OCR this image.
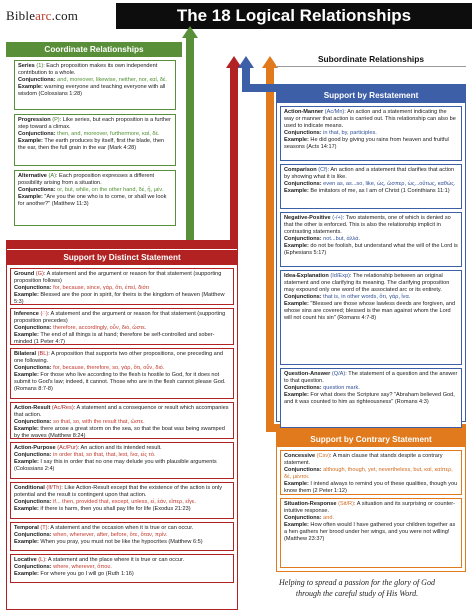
Biblearc.com	The 18 Logical Relationships
Coordinate Relationships

Series (1): Each proposition makes its own independent contribution to a whole.

Conjunctions: and, moreover, likewise, neither, nor, καί, δέ.

Example: warning everyone and teaching everyone with all wisdom (Colossians 1:28)

Progression (P): Like series, but each proposition is a further step toward a climax.

Conjunctions: then, and, moreover, furthermore, καί, δέ.

Example: The earth produces by itself, first the blade, then the ear, then the full grain in the ear (Mark 4:28)

Alternative (A): Each proposition expresses a different possibility arising from a situation.

Conjunctions: or, but, while, on the other hand, δέ, ἤ, μέν.

Example: "Are you the one who is to come, or shall we look for another?" (Matthew 11:3)

Subordinate Relationships
Support by Distinct Statement

Ground (G): A statement and the argument or reason for that statement (supporting proposition follows)

Conjunctions: for, because, since, γάρ, ὅτι, ἐπεί, διότι

Example: Blessed are the poor in spirit, for theirs is the kingdom of heaven (Matthew 5:3)

Inference (∴): A statement and the argument or reason for that statement (supporting proposition precedes)

Conjunctions: therefore, accordingly, οὖν, διό, ὥστε.

Example: The end of all things is at hand; therefore be self-controlled and sober-minded (1 Peter 4:7)

Bilateral (BL): A proposition that supports two other propositions, one preceding and one following.

Conjunctions: for, because, therefore, so, γάρ, ὅτι, οὖν, διό.

Example: For those who live according to the flesh is hostile to God, for it does not submit to God's law; indeed, it cannot. Those who are in the flesh cannot please God. (Romans 8:7-8)

Action-Result (Ac/Res): A statement and a consequence or result which accompanies that action.

Conjunctions: so that, so, with the result that, ὥστε.

Example: there arose a great storm on the sea, so that the boat was being swamped by the waves (Matthew 8:24)

Action-Purpose (Ac/Pur): An action and its intended result.

Conjunctions: in order that, so that, that, lest, ἵνα, εἰς τό.

Example: I say this in order that no one may delude you with plausible arguments (Colossians 2:4)

Conditional (If/Th): Like Action-Result except that the existence of the action is only potential and the result is contingent upon that action.

Conjunctions: if... then, provided that, except, unless, εἰ, ἐάν, εἴπερ, εἴγε.

Example: if there is harm, then you shall pay life for life (Exodus 21:23)

Temporal (T): A statement and the occasion when it is true or can occur.

Conjunctions: when, whenever, after, before, ὅτε, ὅταν, πρίν.

Example: When you pray, you must not be like the hypocrites (Matthew 6:5)

Locative (L): A statement and the place where it is true or can occur.

Conjunctions: where, wherever, ὅπου.

Example: For where you go I will go (Ruth 1:16)

Support by Restatement

Action-Manner (Ac/Mn): An action and a statement indicating the way or manner that action is carried out. This relationship can also be used to indicate means.

Conjunctions: in that, by, participles.

Example: He did good by giving you rains from heaven and fruitful seasons (Acts 14:17)

Comparison (Cf): An action and a statement that clarifies that action by showing what it is like.

Conjunctions: even as, as...so, like, ὡς, ὥσπερ, ὡς...οὕτως, καθώς.

Example: Be imitators of me, as I am of Christ (1 Corinthians 11:1)

Negative-Positive (-/+): Two statements, one of which is denied so that the other is enforced. This is also the relationship implicit in contrasting statements.

Conjunctions: not...but, ἀλλά.

Example: do not be foolish, but understand what the will of the Lord is (Ephesians 5:17)

Idea-Explanation (Id/Exp): The relationship between an original statement and one clarifying its meaning. The clarifying proposition may expound only one word of the associated arc or its entirety.

Conjunctions: that is, in other words, ὅτι, γάρ, ἵνα.

Example: "Blessed are those whose lawless deeds are forgiven, and whose sins are covered; blessed is the man against whom the Lord will not count his sin" (Romans 4:7-8)

Question-Answer (Q/A): The statement of a question and the answer to that question.

Conjunctions: question mark.

Example: For what does the Scripture say? "Abraham believed God, and it was counted to him as righteousness" (Romans 4:3)

Support by Contrary Statement

Concessive (Csv): A main clause that stands despite a contrary statement.

Conjunctions: although, though, yet, nevertheless, but, καί, καίπερ, δέ, μέντοι.

Example: I intend always to remind you of these qualities, though you know them (2 Peter 1:12)

Situation-Response (Sit/R): A situation and its surprising or counter-intuitive response.

Conjunctions: and.

Example: How often would I have gathered your children together as a hen gathers her brood under her wings, and you were not willing! (Matthew 23:37)

Helping to spread a passion for the glory of God
through the careful study of His Word.
